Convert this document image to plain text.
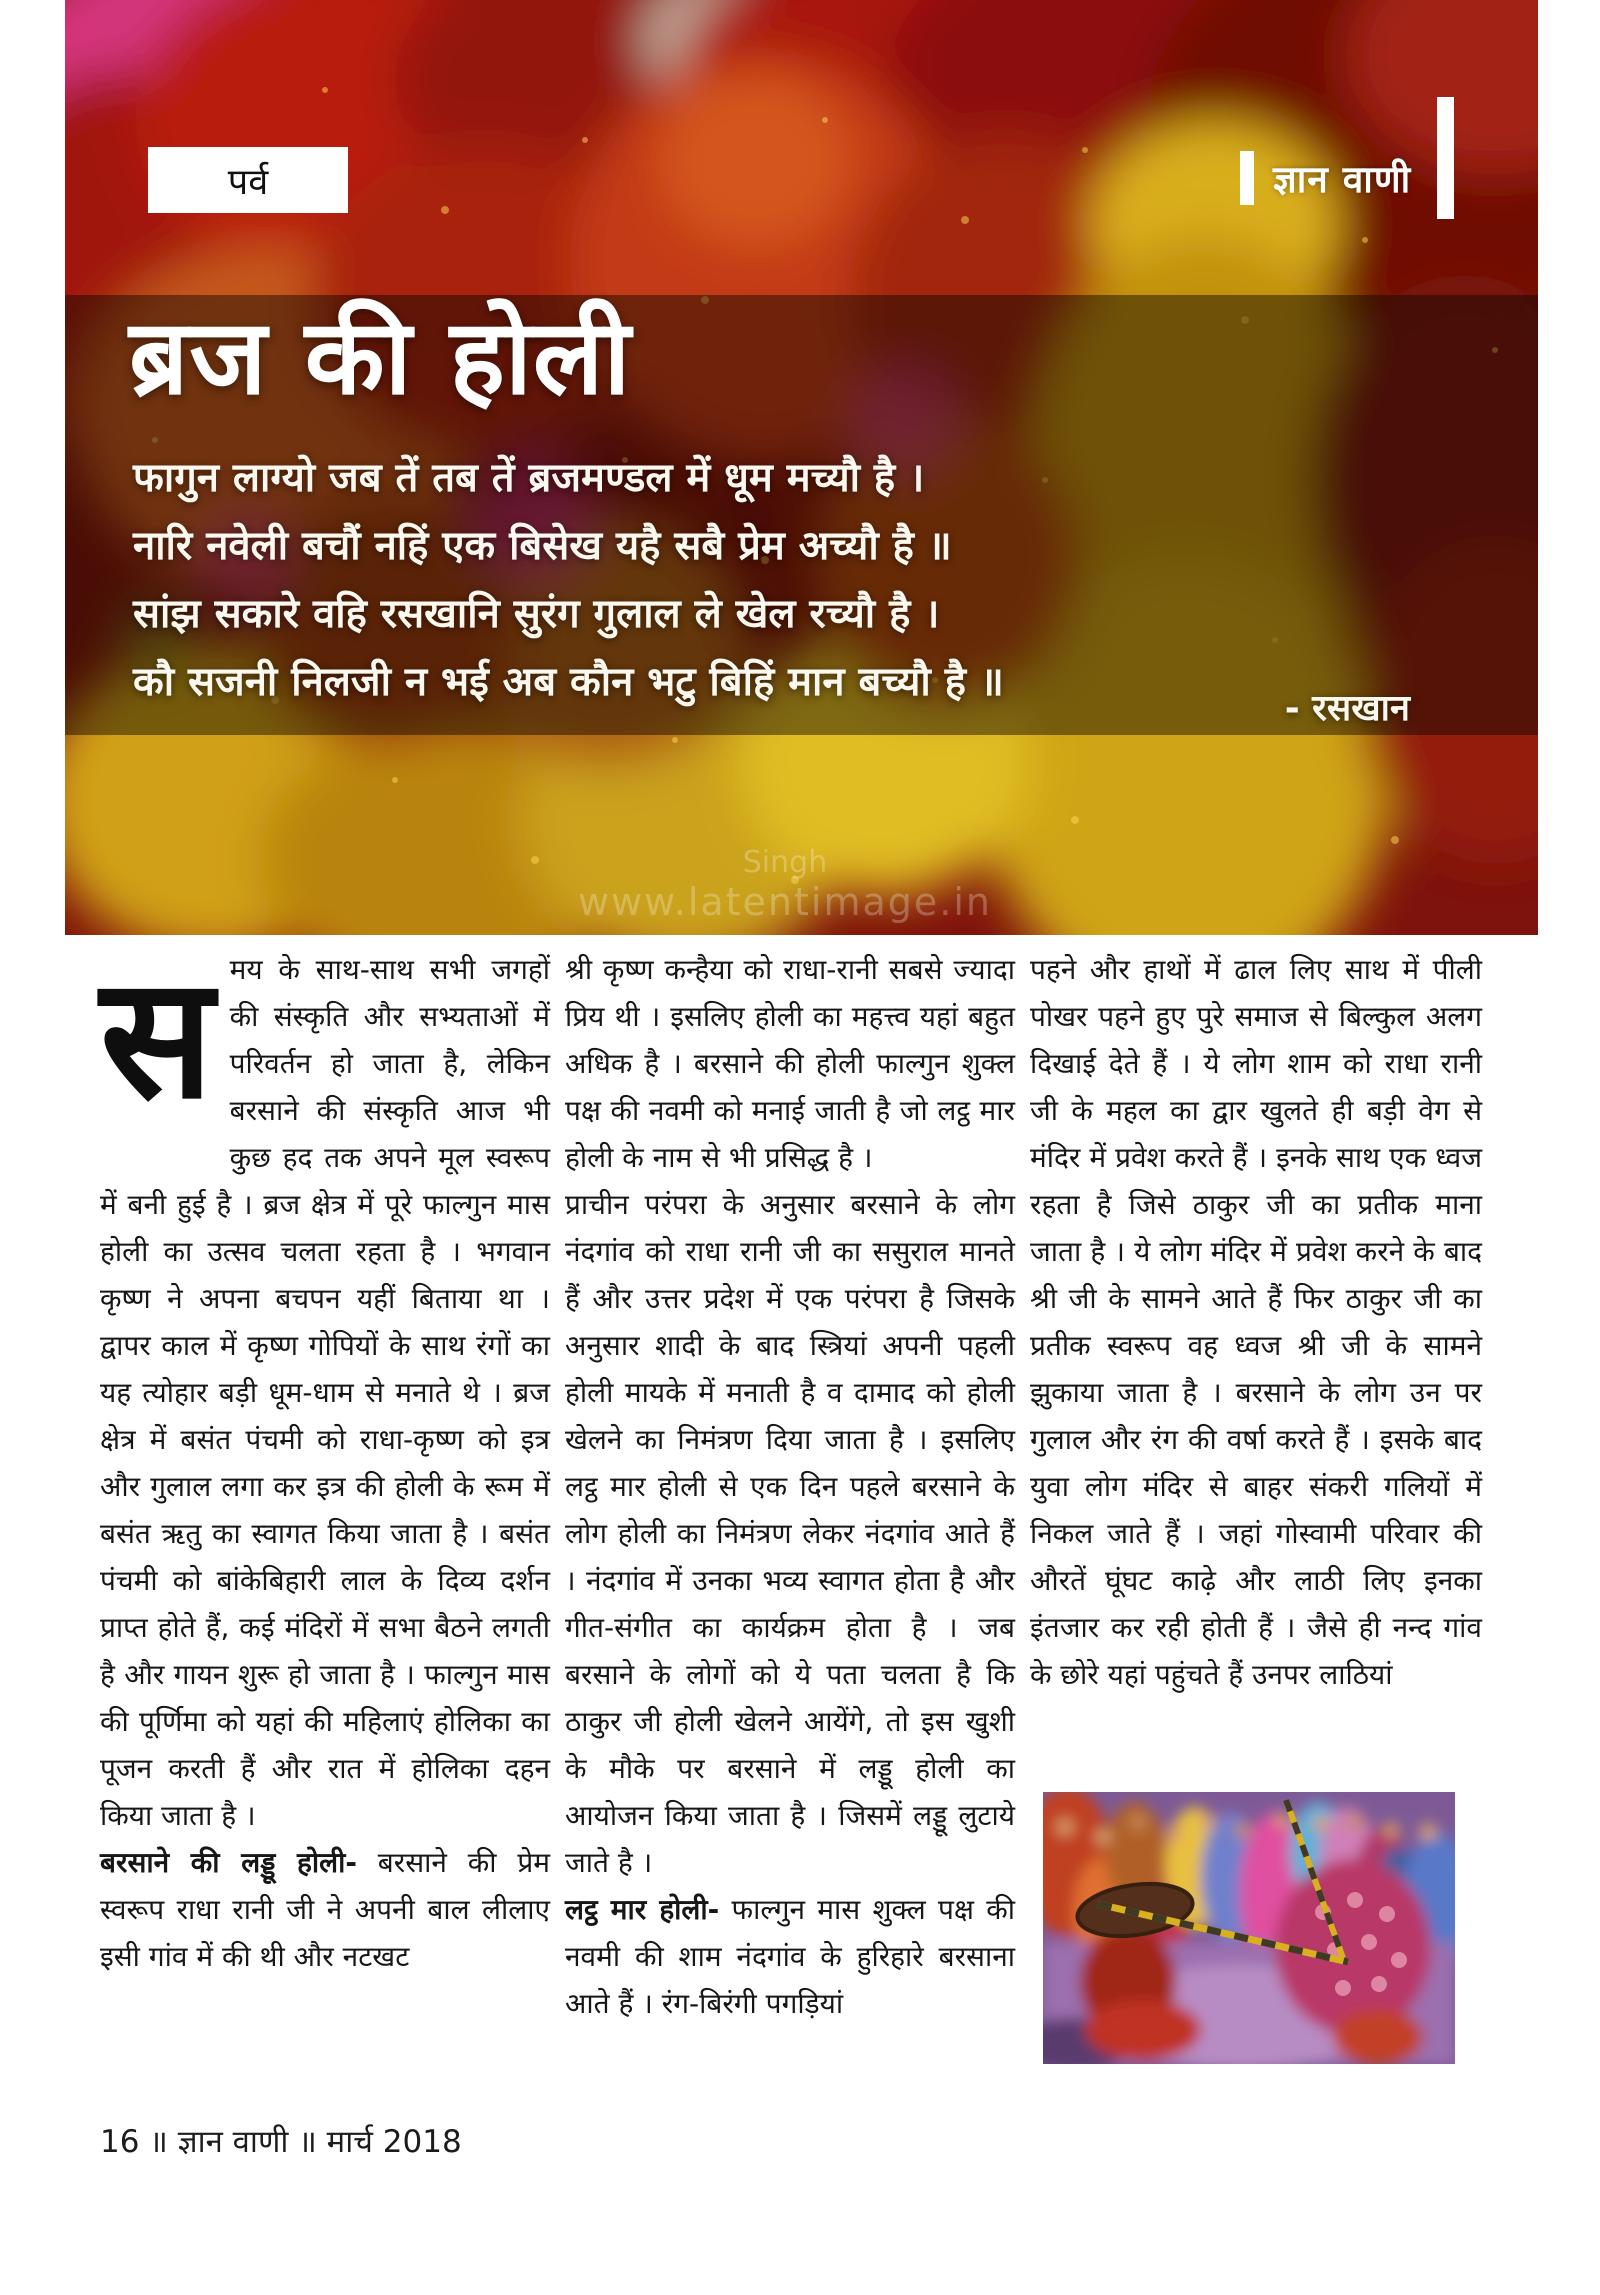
पर्व	ज्ञान वाणी
ब्रज की होली

फागुन लाग्यो जब तें तब तें ब्रजमण्डल में धूम मच्यौ है ।

नारि नवेली बचौं नहिं एक बिसेख यहै सबै प्रेम अच्यौ है ॥

सांझ सकारे वहि रसखानि सुरंग गुलाल ले खेल रच्यौ है ।

कौ सजनी निलजी न भई अब कौन भटु बिहिं मान बच्यौ है ॥

- रसखान
Singh
www.latentimage.in

समय के साथ-साथ सभी जगहों की संस्कृति और सभ्यताओं में परिवर्तन हो जाता है, लेकिन बरसाने की संस्कृति आज भी कुछ हद तक अपने मूल स्वरूप में बनी हुई है । ब्रज क्षेत्र में पूरे फाल्गुन मास होली का उत्सव चलता रहता है । भगवान कृष्ण ने अपना बचपन यहीं बिताया था । द्वापर काल में कृष्ण गोपियों के साथ रंगों का यह त्योहार बड़ी धूम-धाम से मनाते थे । ब्रज क्षेत्र में बसंत पंचमी को राधा-कृष्ण को इत्र और गुलाल लगा कर इत्र की होली के रूम में बसंत ऋतु का स्वागत किया जाता है । बसंत पंचमी को बांकेबिहारी लाल के दिव्य दर्शन प्राप्त होते हैं, कई मंदिरों में सभा बैठने लगती है और गायन शुरू हो जाता है । फाल्गुन मास की पूर्णिमा को यहां की महिलाएं होलिका का पूजन करती हैं और रात में होलिका दहन किया जाता है ।

बरसाने की लड्डू होली- बरसाने की प्रेम स्वरूप राधा रानी जी ने अपनी बाल लीलाए इसी गांव में की थी और नटखट

श्री कृष्ण कन्हैया को राधा-रानी सबसे ज्यादा प्रिय थी । इसलिए होली का महत्त्व यहां बहुत अधिक है । बरसाने की होली फाल्गुन शुक्ल पक्ष की नवमी को मनाई जाती है जो लट्ठ मार होली के नाम से भी प्रसिद्ध है ।

प्राचीन परंपरा के अनुसार बरसाने के लोग नंदगांव को राधा रानी जी का ससुराल मानते हैं और उत्तर प्रदेश में एक परंपरा है जिसके अनुसार शादी के बाद स्त्रियां अपनी पहली होली मायके में मनाती है व दामाद को होली खेलने का निमंत्रण दिया जाता है । इसलिए लट्ठ मार होली से एक दिन पहले बरसाने के लोग होली का निमंत्रण लेकर नंदगांव आते हैं । नंदगांव में उनका भव्य स्वागत होता है और गीत-संगीत का कार्यक्रम होता है । जब बरसाने के लोगों को ये पता चलता है कि ठाकुर जी होली खेलने आयेंगे, तो इस खुशी के मौके पर बरसाने में लड्डू होली का आयोजन किया जाता है । जिसमें लड्डू लुटाये जाते है ।

लट्ठ मार होली- फाल्गुन मास शुक्ल पक्ष की नवमी की शाम नंदगांव के हुरिहारे बरसाना आते हैं । रंग-बिरंगी पगड़ियां

पहने और हाथों में ढाल लिए साथ में पीली पोखर पहने हुए पुरे समाज से बिल्कुल अलग दिखाई देते हैं । ये लोग शाम को राधा रानी जी के महल का द्वार खुलते ही बड़ी वेग से मंदिर में प्रवेश करते हैं । इनके साथ एक ध्वज रहता है जिसे ठाकुर जी का प्रतीक माना जाता है । ये लोग मंदिर में प्रवेश करने के बाद श्री जी के सामने आते हैं फिर ठाकुर जी का प्रतीक स्वरूप वह ध्वज श्री जी के सामने झुकाया जाता है । बरसाने के लोग उन पर गुलाल और रंग की वर्षा करते हैं । इसके बाद युवा लोग मंदिर से बाहर संकरी गलियों में निकल जाते हैं । जहां गोस्वामी परिवार की औरतें घूंघट काढ़े और लाठी लिए इनका इंतजार कर रही होती हैं । जैसे ही नन्द गांव के छोरे यहां पहुंचते हैं उनपर लाठियां

16 ॥ ज्ञान वाणी ॥ मार्च 2018
